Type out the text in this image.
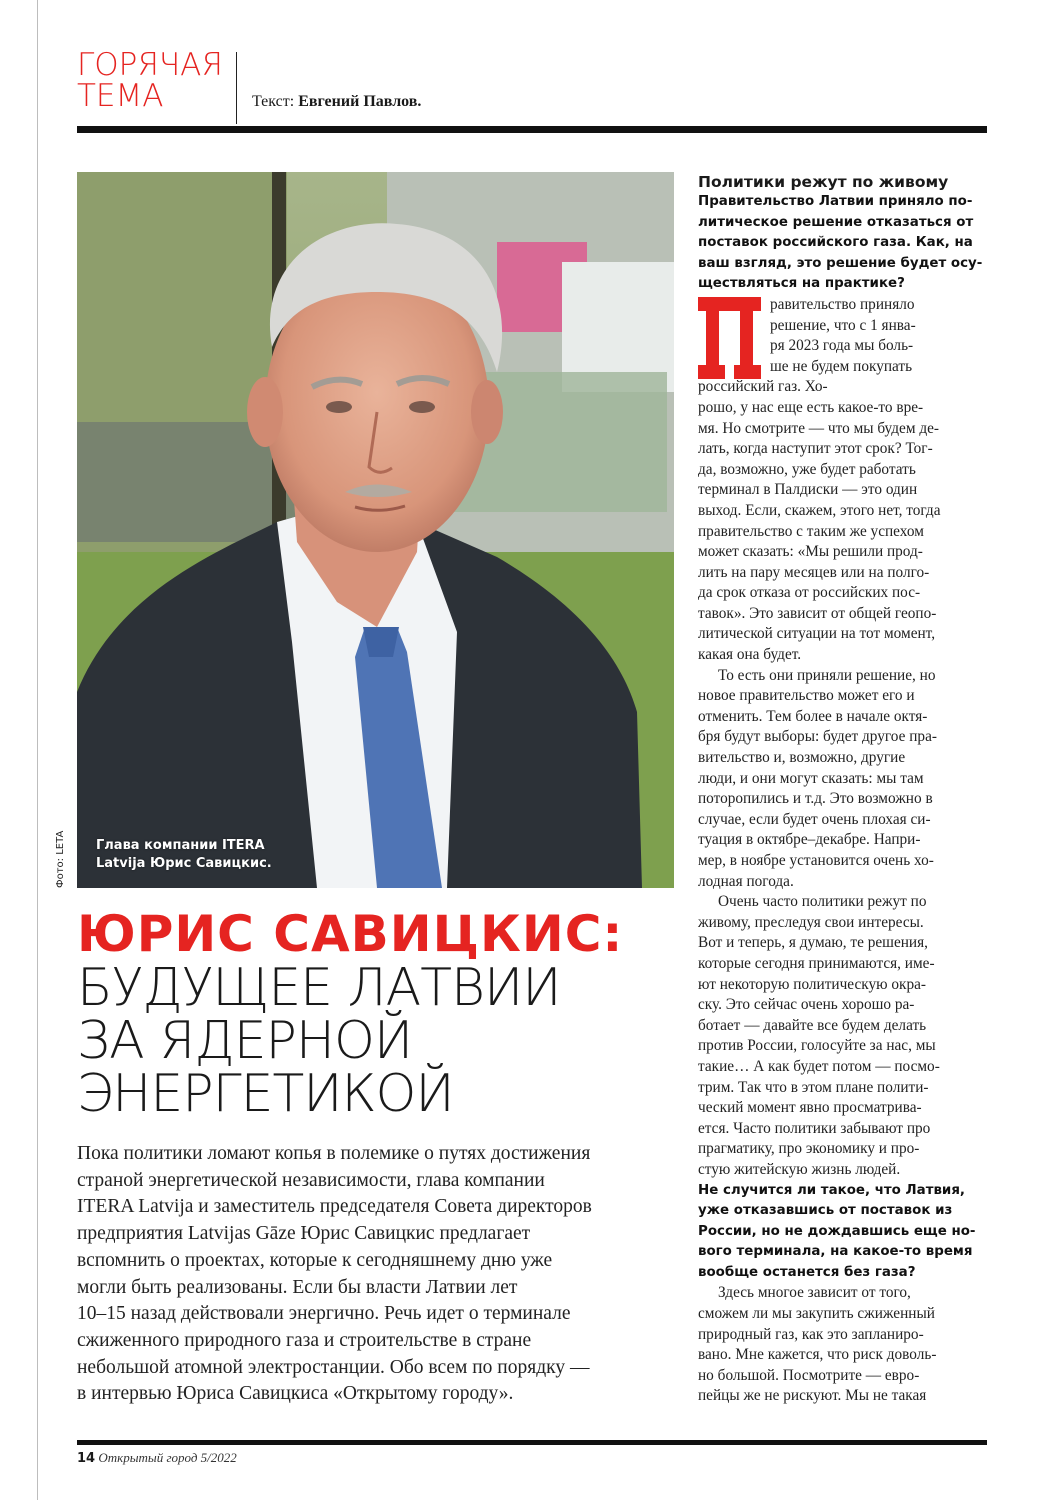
ГОРЯЧАЯ
ТЕМА	Текст: Евгений Павлов.
Глава компании ITERA
Latvija Юрис Савицкис.
Фото: LETA
ЮРИС САВИЦКИС:
БУДУЩЕЕ ЛАТВИИ
ЗА ЯДЕРНОЙ
ЭНЕРГЕТИКОЙ
Пока политики ломают копья в полемике о путях достижения
страной энергетической независимости, глава компании
ITERA Latvija и заместитель председателя Совета директоров
предприятия Latvijas Gāze Юрис Савицкис предлагает
вспомнить о проектах, которые к сегодняшнему дню уже
могли быть реализованы. Если бы власти Латвии лет
10–15 назад действовали энергично. Речь идет о терминале
сжиженного природного газа и строительстве в стране
небольшой атомной электростанции. Обо всем по порядку —
в интервью Юриса Савицкиса «Открытому городу».
Политики режут по живому
Правительство Латвии приняло по-
литическое решение отказаться от
поставок российского газа. Как, на
ваш взгляд, это решение будет осу-
ществляться на практике?
равительство приняло
решение, что с 1 янва-
ря 2023 года мы боль-
ше не будем покупать
российский газ. Хо-
рошо, у нас еще есть какое-то вре-
мя. Но смотрите — что мы будем де-
лать, когда наступит этот срок? Тог-
да, возможно, уже будет работать
терминал в Палдиски — это один
выход. Если, скажем, этого нет, тогда
правительство с таким же успехом
может сказать: «Мы решили прод-
лить на пару месяцев или на полго-
да срок отказа от российских пос-
тавок». Это зависит от общей геопо-
литической ситуации на тот момент,
какая она будет.
То есть они приняли решение, но
новое правительство может его и
отменить. Тем более в начале октя-
бря будут выборы: будет другое пра-
вительство и, возможно, другие
люди, и они могут сказать: мы там
поторопились и т.д. Это возможно в
случае, если будет очень плохая си-
туация в октябре–декабре. Напри-
мер, в ноябре установится очень хо-
лодная погода.
Очень часто политики режут по
живому, преследуя свои интересы.
Вот и теперь, я думаю, те решения,
которые сегодня принимаются, име-
ют некоторую политическую окра-
ску. Это сейчас очень хорошо ра-
ботает — давайте все будем делать
против России, голосуйте за нас, мы
такие… А как будет потом — посмо-
трим. Так что в этом плане полити-
ческий момент явно просматрива-
ется. Часто политики забывают про
прагматику, про экономику и про-
стую житейскую жизнь людей.
Не случится ли такое, что Латвия,
уже отказавшись от поставок из
России, но не дождавшись еще но-
вого терминала, на какое-то время
вообще останется без газа?
Здесь многое зависит от того,
сможем ли мы закупить сжиженный
природный газ, как это запланиро-
вано. Мне кажется, что риск доволь-
но большой. Посмотрите — евро-
пейцы же не рискуют. Мы не такая
14 Открытый город 5/2022
